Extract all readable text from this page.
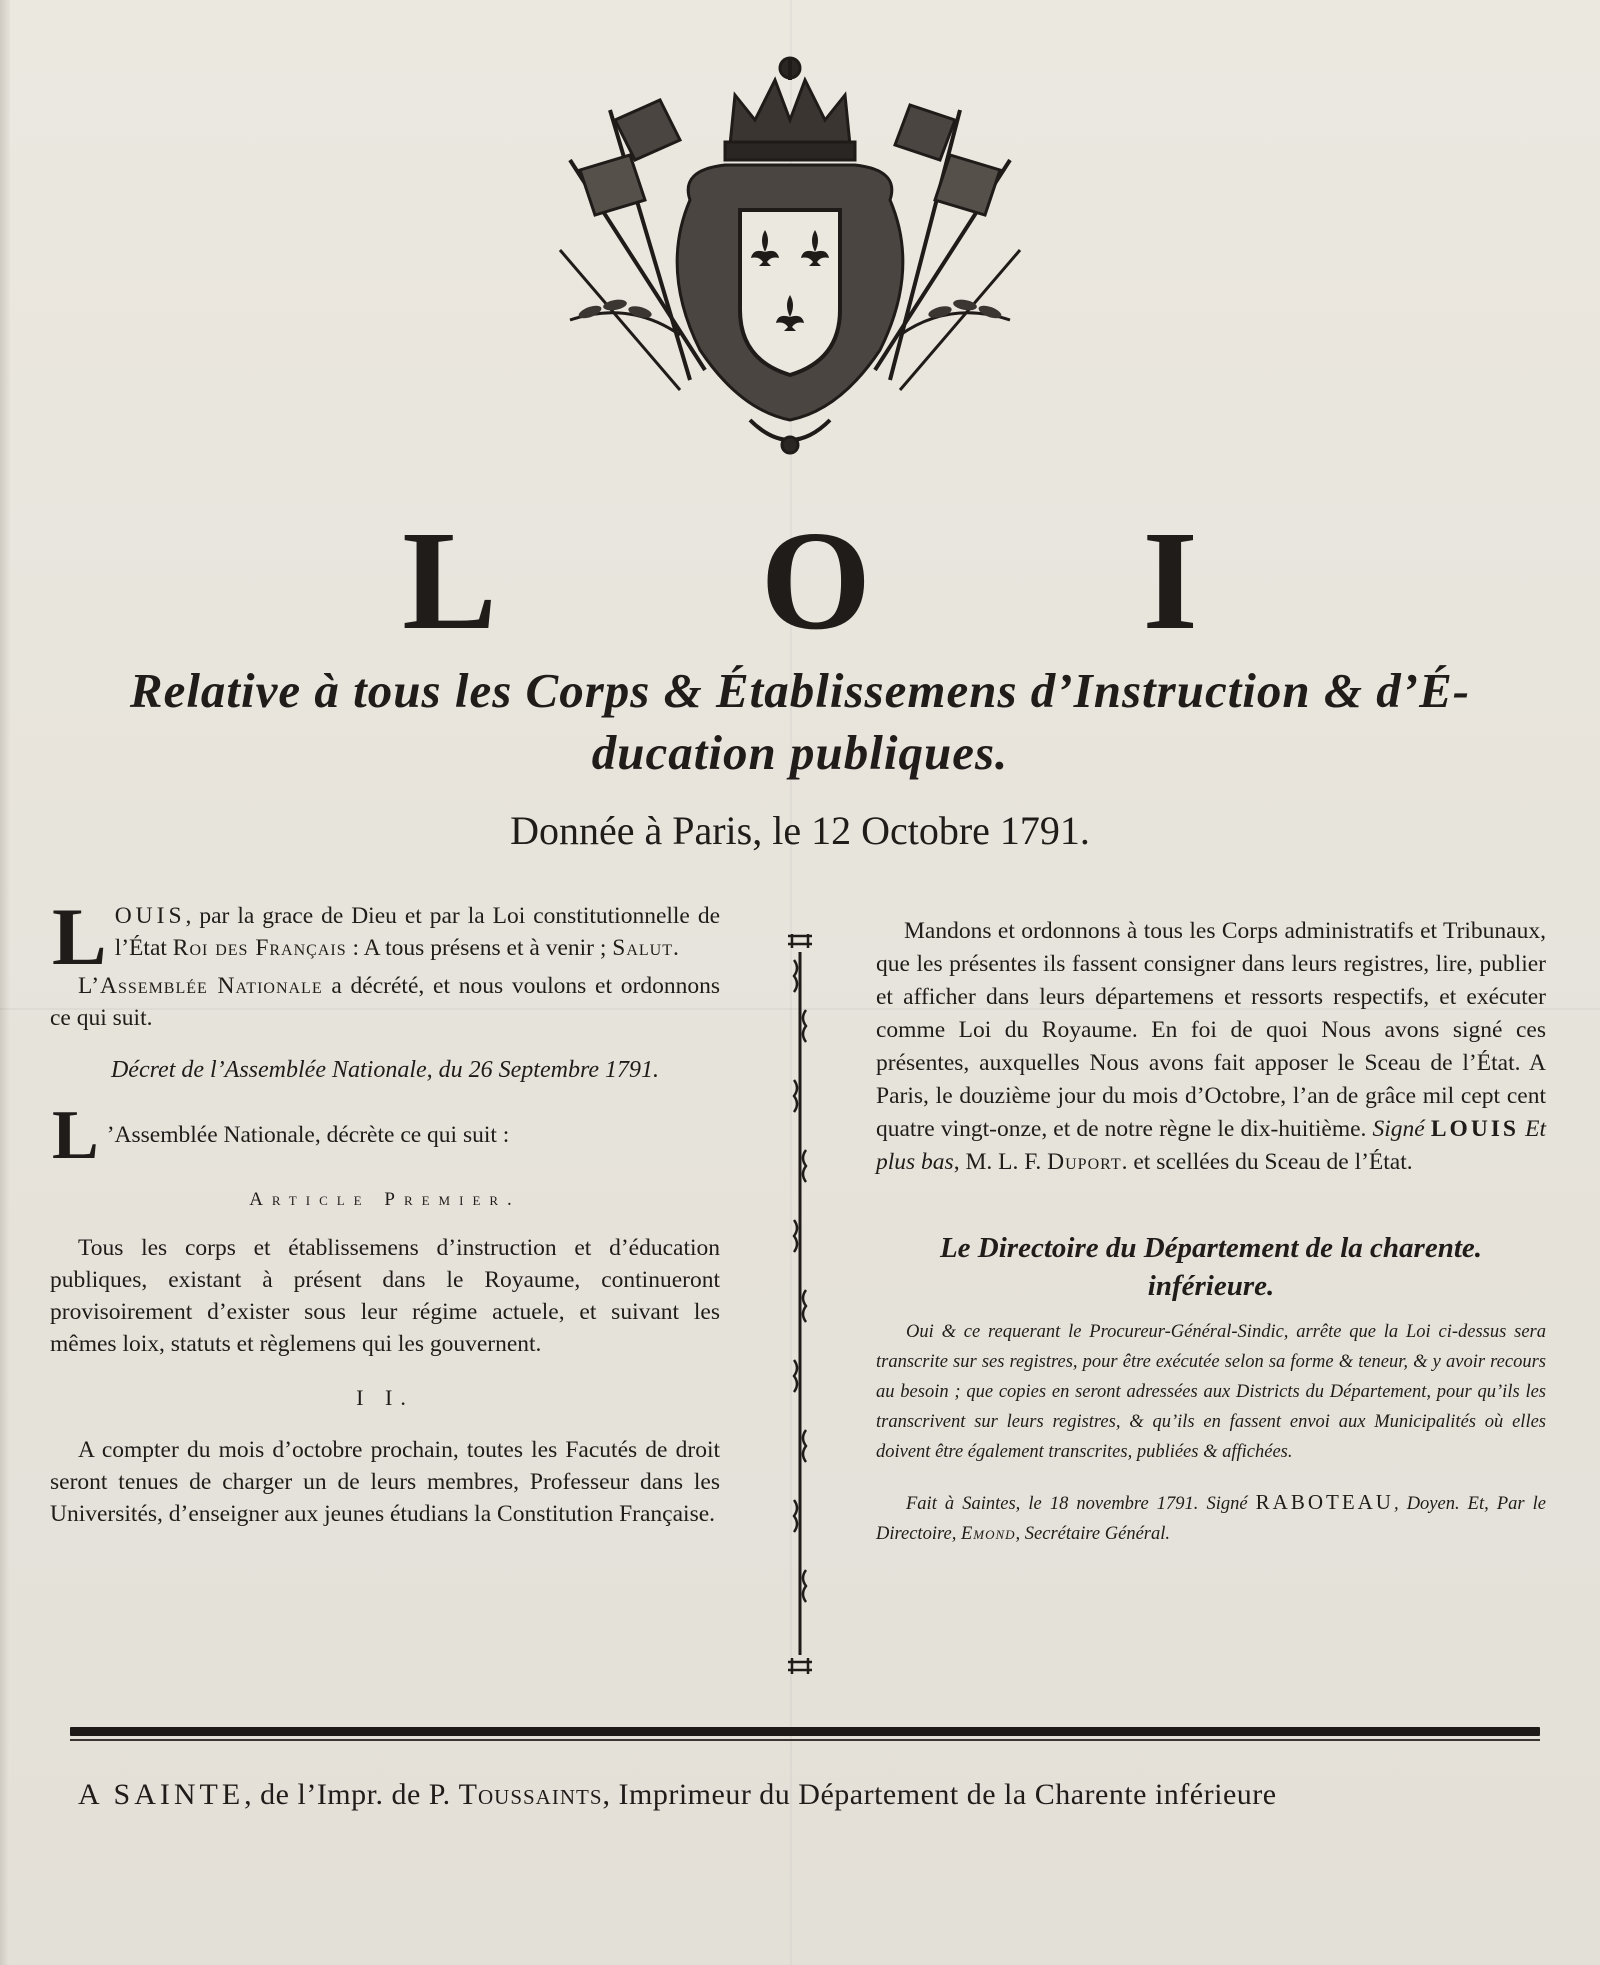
L O I
Relative à tous les Corps & Établissemens d’Instruction & d’É-
ducation publiques.
Donnée à Paris, le 12 Octobre 1791.

LOUIS, par la grace de Dieu et par la Loi constitutionnelle de l’État Roi des Français : A tous présens et à venir ; Salut.

L’Assemblée Nationale a décrété, et nous voulons et ordonnons ce qui suit.

Décret de l’Assemblée Nationale, du 26 Septembre 1791.

L ’Assemblée Nationale, décrète ce qui suit :

Article Premier.

Tous les corps et établissemens d’instruction et d’éducation publiques, existant à présent dans le Royaume, continueront provisoirement d’exister sous leur régime actuele, et suivant les mêmes loix, statuts et règlemens qui les gouvernent.

I I.

A compter du mois d’octobre prochain, toutes les Facutés de droit seront tenues de charger un de leurs membres, Professeur dans les Universités, d’enseigner aux jeunes étudians la Constitution Française.

Mandons et ordonnons à tous les Corps administratifs et Tribunaux, que les présentes ils fassent consigner dans leurs registres, lire, publier et afficher dans leurs départemens et ressorts respectifs, et exécuter comme Loi du Royaume. En foi de quoi Nous avons signé ces présentes, auxquelles Nous avons fait apposer le Sceau de l’État. A Paris, le douzième jour du mois d’Octobre, l’an de grâce mil cept cent quatre vingt-onze, et de notre règne le dix-huitième. Signé LOUIS Et plus bas, M. L. F. Duport. et scellées du Sceau de l’État.

Le Directoire du Département de la charente.
inférieure.

Oui & ce requerant le Procureur-Général-Sindic, arrête que la Loi ci-dessus sera transcrite sur ses registres, pour être exécutée selon sa forme & teneur, & y avoir recours au besoin ; que copies en seront adressées aux Districts du Département, pour qu’ils les transcrivent sur leurs registres, & qu’ils en fassent envoi aux Municipalités où elles doivent être également transcrites, publiées & affichées.

Fait à Saintes, le 18 novembre 1791. Signé RABOTEAU, Doyen. Et, Par le Directoire, Emond, Secrétaire Général.

A SAINTE, de l’Impr. de P. Toussaints, Imprimeur du Département de la Charente inférieure
